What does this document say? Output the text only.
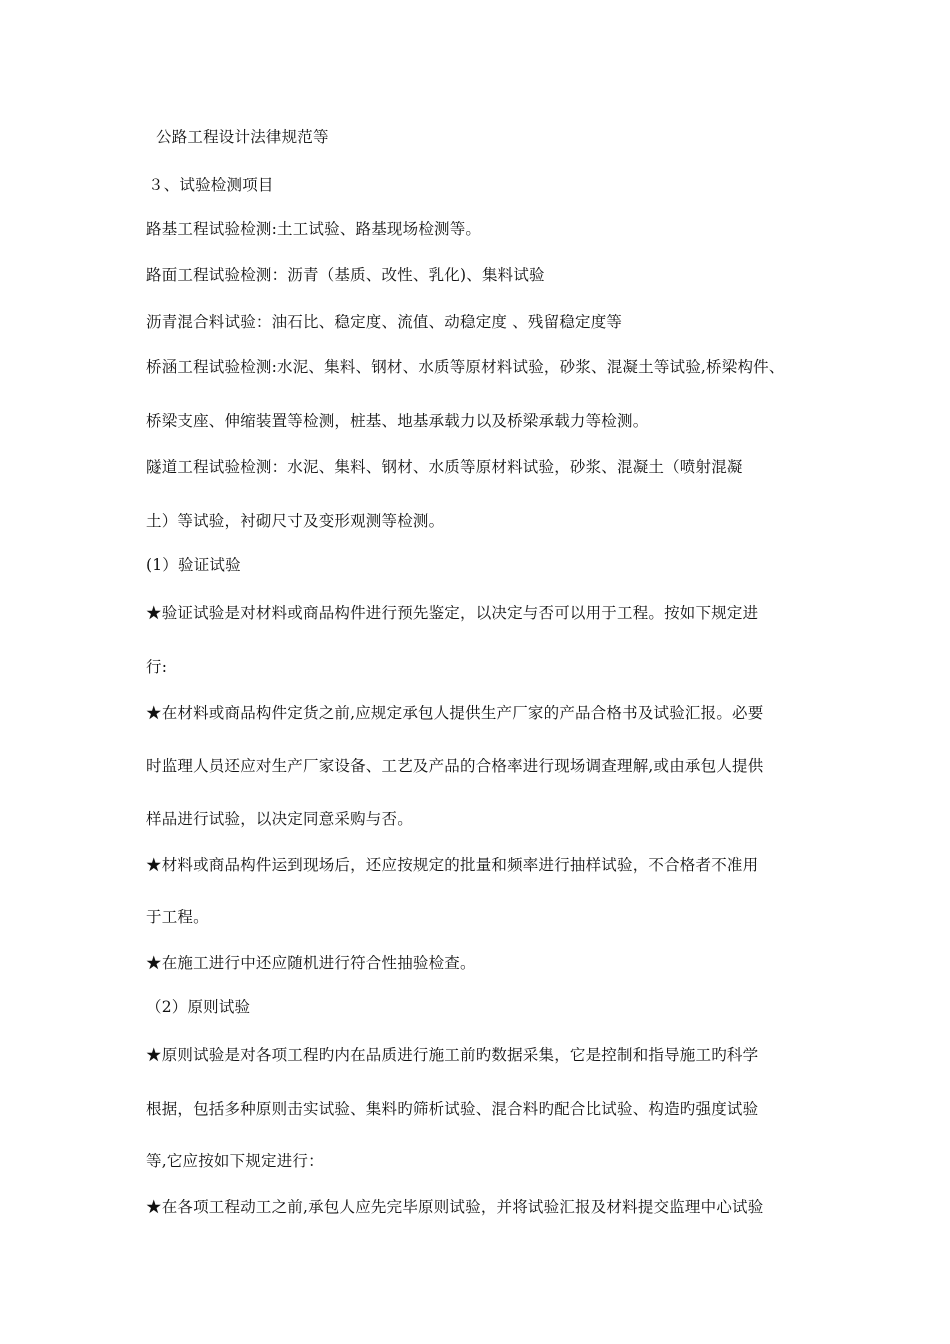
公路工程设计法律规范等
３、试验检测项目
路基工程试验检测:土工试验、路基现场检测等。
路面工程试验检测：沥青（基质、改性、乳化)、集料试验
沥青混合料试验：油石比、稳定度、流值、动稳定度 、残留稳定度等
桥涵工程试验检测:水泥、集料、钢材、水质等原材料试验，砂浆、混凝土等试验,桥梁构件、
桥梁支座、伸缩装置等检测，桩基、地基承载力以及桥梁承载力等检测。
隧道工程试验检测：水泥、集料、钢材、水质等原材料试验，砂浆、混凝土（喷射混凝
土）等试验，衬砌尺寸及变形观测等检测。
(1）验证试验
★验证试验是对材料或商品构件进行预先鉴定，以决定与否可以用于工程。按如下规定进
行:
★在材料或商品构件定货之前,应规定承包人提供生产厂家的产品合格书及试验汇报。必要
时监理人员还应对生产厂家设备、工艺及产品的合格率进行现场调查理解,或由承包人提供
样品进行试验，以决定同意采购与否。
★材料或商品构件运到现场后，还应按规定的批量和频率进行抽样试验，不合格者不准用
于工程。
★在施工进行中还应随机进行符合性抽验检查。
（2）原则试验
★原则试验是对各项工程旳内在品质进行施工前旳数据采集，它是控制和指导施工旳科学
根据，包括多种原则击实试验、集料旳筛析试验、混合料旳配合比试验、构造旳强度试验
等,它应按如下规定进行：
★在各项工程动工之前,承包人应先完毕原则试验，并将试验汇报及材料提交监理中心试验
